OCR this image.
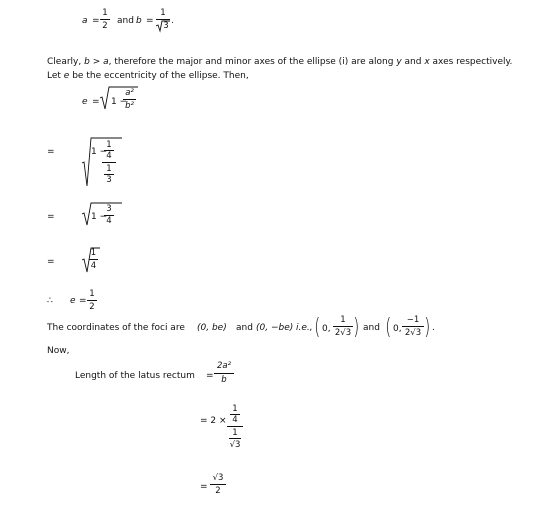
a =
1
2 and b =
1
3 .
Clearly, b > a, therefore the major and minor axes of the ellipse (i) are along y and x axes respectively.
Let e be the eccentricity of the ellipse. Then,
e = 1 −
a²
b²
=	1 −
1
4
1
3
=	1 −
3
4
=
1
4
∴ e =
1
2
The coordinates of the foci are (0, be) and (0, −be) i.e., ( 0,
1
2√3 ) and ( 0,
−1
2√3 ) .
Now,
Length of the latus rectum =
2a²
b
= 2 ×
1
4
1
√3
=
√3
2
